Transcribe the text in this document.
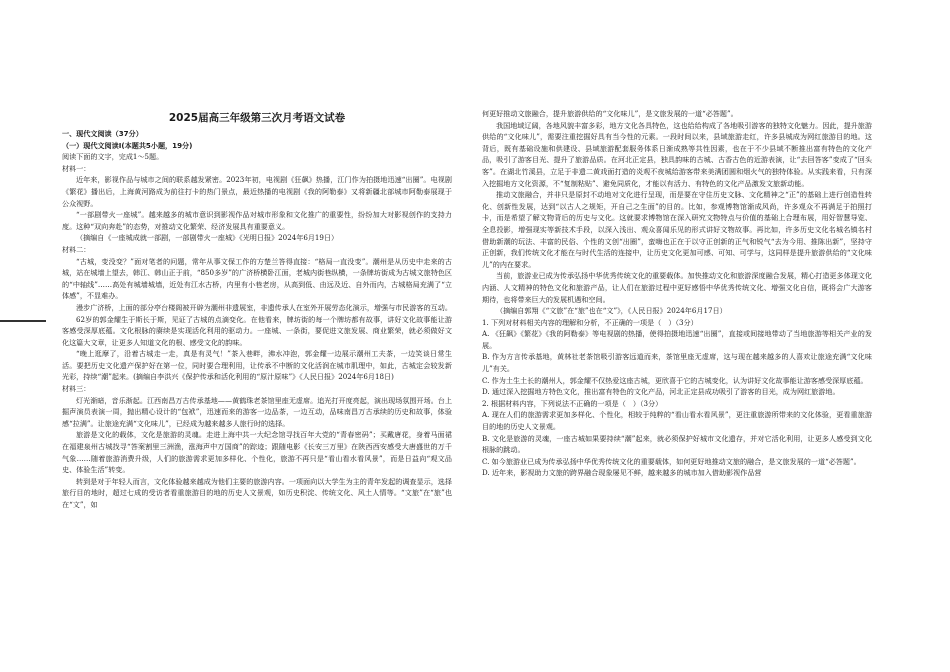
2025届高三年级第三次月考语文试卷

一、现代文阅读（37分）

（一）现代文阅读Ⅰ(本题共5小题，19分)

阅读下面的文字，完成1～5题。

材料一：

近年来，影视作品与城市之间的联系越发紧密。2023年初，电视剧《狂飙》热播，江门作为拍摄地迅速“出圈”。电视剧《繁花》播出后，上海黄河路成为前往打卡的热门景点，最近热播的电视剧《我的阿勒泰》又将新疆北部城市阿勒泰展现于公众视野。

“一部剧带火一座城”。越来越多的城市意识到影视作品对城市形象和文化推广的重要性，纷纷加大对影视创作的支持力度。这种“双向奔赴”的态势，对推动文化繁荣、经济发展具有重要意义。

（摘编自《一座城成就一部剧，一部剧带火一座城》《光明日报》2024年6月19日）

材料二：

“古城，变没变？”面对笔者的问题，常年从事文保工作的方楚兰答得直接：“格局一直没变”。潮州是从历史中走来的古城，站在城墙上望去，韩江、韩山正于前，“850多岁”的广济桥横卧江面，老城内街巷纵横，一条牌坊街成为古城文旅特色区的“中轴线”……高处有城墙城墙，近处有江水古桥，内里有小巷老房，从高到低、由远及近、自外而内，古城格局充满了“立体感”，不显难办。

漫步广济桥，上面的部分亭台楼阁被开辟为潮州非遗展室，非遗传承人在室外开展劳态化演示，增强与市民游客的互动。

62岁的郭金耀生于斯长于斯，见证了古城的点滴变化。在他看来，牌坊街的每一个牌坊都有故事，讲好文化故事能让游客感受深厚底蕴。文化根脉的赓续是实现活化利用的驱动力。一座城、一条街，要促进文旅发展、商业繁荣，就必须做好文化这篇大文章，让更多人知道文化的根、感受文化的韵味。

“晚上逛摩了，沿着古城走一走，真是有灵气！”茶入巷畔，沸水冲泡，郭金耀一边展示潮州工夫茶，一边笑谈日常生活。要把历史文化遗产保护好在第一位，同时要合理利用，让传承不中断的文化活润在城市肌理中，如此，古城定会较发新光彩，持续“潮”起来。(摘编自李洪兴《保护传承和活化利用的“原汁原味”》《人民日报》2024年6月18日)

材料三：

灯光渐暗，音乐渐起。江西南昌万古传承基地——黄鹤珠老茶馆里座无虚席。追光打开度亮起，演出现场氛围开场。台上掘声演员表演一周，抛出精心设计的“包袱”，迅速而来的游客一边品茶，一边互动，品味南昌万古承续的历史和故事，体验感“拉满”。让旅途充满“文化味儿”，已经成为越来越多人旅行时的选择。

旅游是文化的载体，文化是旅游的灵魂。走进上海中共一大纪念馆寻找百年大党的“青春密码”；买戴唐花，身着马面裙在福建泉州古城找寻“答案割里三洲渔，涨海声中万国商”的踪迹；跟随电影《长安三万里》在陕西西安感受大唐盛世的万千气象……随着旅游消费升级，人们的旅游需求更加多样化、个性化，旅游不再只是“看山看水看风景”，而是日益向“观文品史、体验生活”转变。

转到是对于年轻人而言，文化体验越来越成为他们主要的旅游内容。一项面向以大学生为主的青年发起的调查显示，选择旅行目的地时，超过七成的受访者看重旅游目的地的历史人文景观，如历史积淀、传统文化、风土人情等。“文旅”在“旅”也在“文”，如

何更好推动文旅融合，提升旅游供给的“文化味儿”，是文旅发展的一道“必答题”。

我国地域辽阔，各地风貌丰富多彩，地方文化各具特色，这也给给构成了各地吸引游客的独特文化魅力。因此，提升旅游供给的“文化味儿”，需要注重挖掘好具有当今性的元素。一段时间以来，县域旅游走红，许多县城成为网红旅游目的地。这背后，既有基础设施和供建设、县域旅游配套服务体系日渐成熟等共性因素，也在于不少县域不断推出富有特色的文化产品，吸引了游客目光、提升了旅游品质。在河北正定县，独具韵味的古城、古香古色的近游表演，让“去回答客”变成了“回头客”。在湖北竹溪县，立足于非遗二黄戏面打造的炎观不夜城给游客带来美满团圆和烟火气的独特体验。从实践来看，只有深入挖掘地方文化资源，不“复制粘贴”、避免同质化，才能以有活力、有特色的文化产品激发文旅新动能。

推动文旅融合，并非只是原封不动地对文化进行呈现，而是要在守住历史文脉、文化精神之“正”的基础上进行创造性转化、创新性发展，达到“以古人之规矩，开自己之生面”的目的。比如，参观博物馆渐成风尚，许多观众不再满足于拍照打卡，而是希望了解文物背后的历史与文化。这就要求博物馆在深入研究文物特点与价值的基础上合理布展，用好智慧导览、全息投影，增强现实等新技术手段，以深入浅出、观众喜闻乐见的形式讲好文物故事。再比如，许多历史文化名城名镇名村借助新潮的玩法、丰富的民俗、个性的文创“出圈”，蛮嗨也正在于以守正创新的正气和锐气“去为今用、推陈出新”，坚持守正创新，我们传统文化才能在与时代生活的连接中，让历史文化更加可感、可知、可学与，这同样是提升旅游供给的“文化味儿”的内在要求。

当前，旅游业已成为传承弘扬中华优秀传统文化的重要载体。加快推动文化和旅游深度融合发展，精心打造更多体现文化内涵、人文精神的特色文化和旅游产品，让人们在旅游过程中更好感悟中华优秀传统文化、增强文化自信，既将会广大游客期待，也将带来巨大的发展机遇和空间。

（摘编自郭翔《“文旅”在“旅”也在“文”》，《人民日报》2024年6月17日）

1. 下列对材料相关内容的理解和分析，不正确的一项是（　）（3分）

A. 《狂飙》《繁花》《我的阿勒泰》等电视剧的热播，使得拍摄地迅速“出圈”，直接或间接地带动了当地旅游等相关产业的发展。

B. 作为方言传承基地，黄林社老茶馆吸引游客远道而来，茶馆里座无虚席，这与现在越来越多的人喜欢让旅途充满“文化味儿”有关。

C. 作为土生土长的潮州人，郭金耀不仅热爱这座古城，更欣喜于它的古城变化，认为讲好文化故事能让游客感受深厚底蕴。

D. 通过深入挖掘地方特色文化，推出富有特色的文化产品，河北正定县成功吸引了游客的目光，成为网红旅游地。

2. 根据材料内容，下列说法不正确的一项是（　）（3分）

A. 现在人们的旅游需求更加多样化、个性化，相较于纯粹的“看山看水看风景”，更注重旅游所带来的文化体验，更看重旅游目的地的历史人文景观。

B. 文化是旅游的灵魂，一座古城如果要持续“潮”起来，就必须保护好城市文化遗存，并对它活化利用，让更多人感受到文化根脉的跳动。

C. 如今旅游业已成为传承弘扬中华优秀传统文化的重要载体，如何更好地推动文旅的融合，是文旅发展的一道“必答题”。

D. 近年来，影视助力文旅的跨界融合现象屡见不鲜，越来越多的城市加入借助影视作品营
